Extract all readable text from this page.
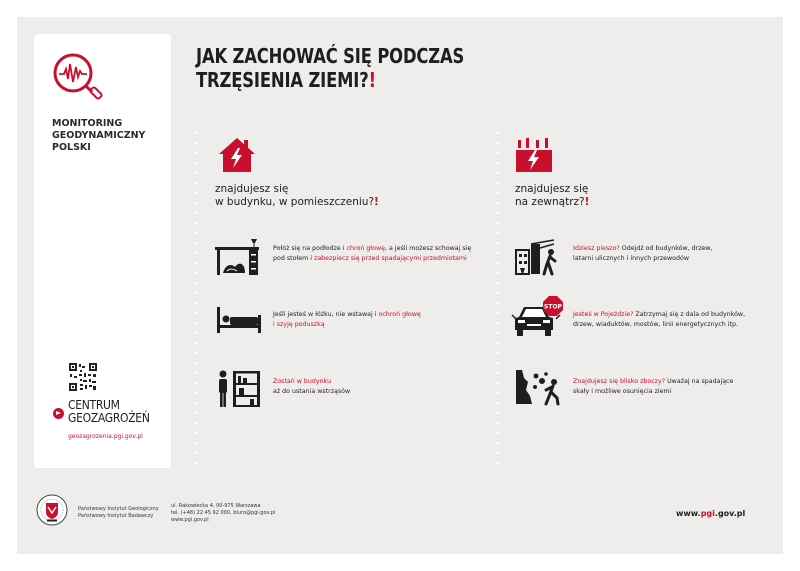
MONITORING
GEODYNAMICZNY
POLSKI
CENTRUM
GEOZAGROŻEŃ
geozagrozenia.pgi.gov.pl
JAK ZACHOWAĆ SIĘ PODCZAS
TRZĘSIENIA ZIEMI?!
znajdujesz się
w budynku, w pomieszczeniu?!
Połóż się na podłodze i chroń głowę, a jeśli możesz schowaj się
pod stołem i zabezpiecz się przed spadającymi przedmiotami
Jeśli jesteś w łóżku, nie wstawaj i ochroń głowę
i szyję poduszką
Zostań w budynku
aż do ustania wstrząsów
znajdujesz się
na zewnątrz?!
Idziesz pieszo? Odejdź od budynków, drzew,
latarni ulicznych i innych przewodów
STOP
Jesteś w Pojeździe? Zatrzymaj się z dala od budynków,
drzew, wiaduktów, mostów, linii energetycznych itp.
Znajdujesz się blisko zboczy? Uważaj na spadające
skały i możliwe osunięcia ziemi
Państwowy Instytut Geologiczny
Państwowy Instytut Badawczy
ul. Rakowiecka 4, 00-975 Warszawa
tel. (+48) 22 45 92 000, bluro@pgi.gov.pl
www.pgi.gov.pl
www.pgi.gov.pl
